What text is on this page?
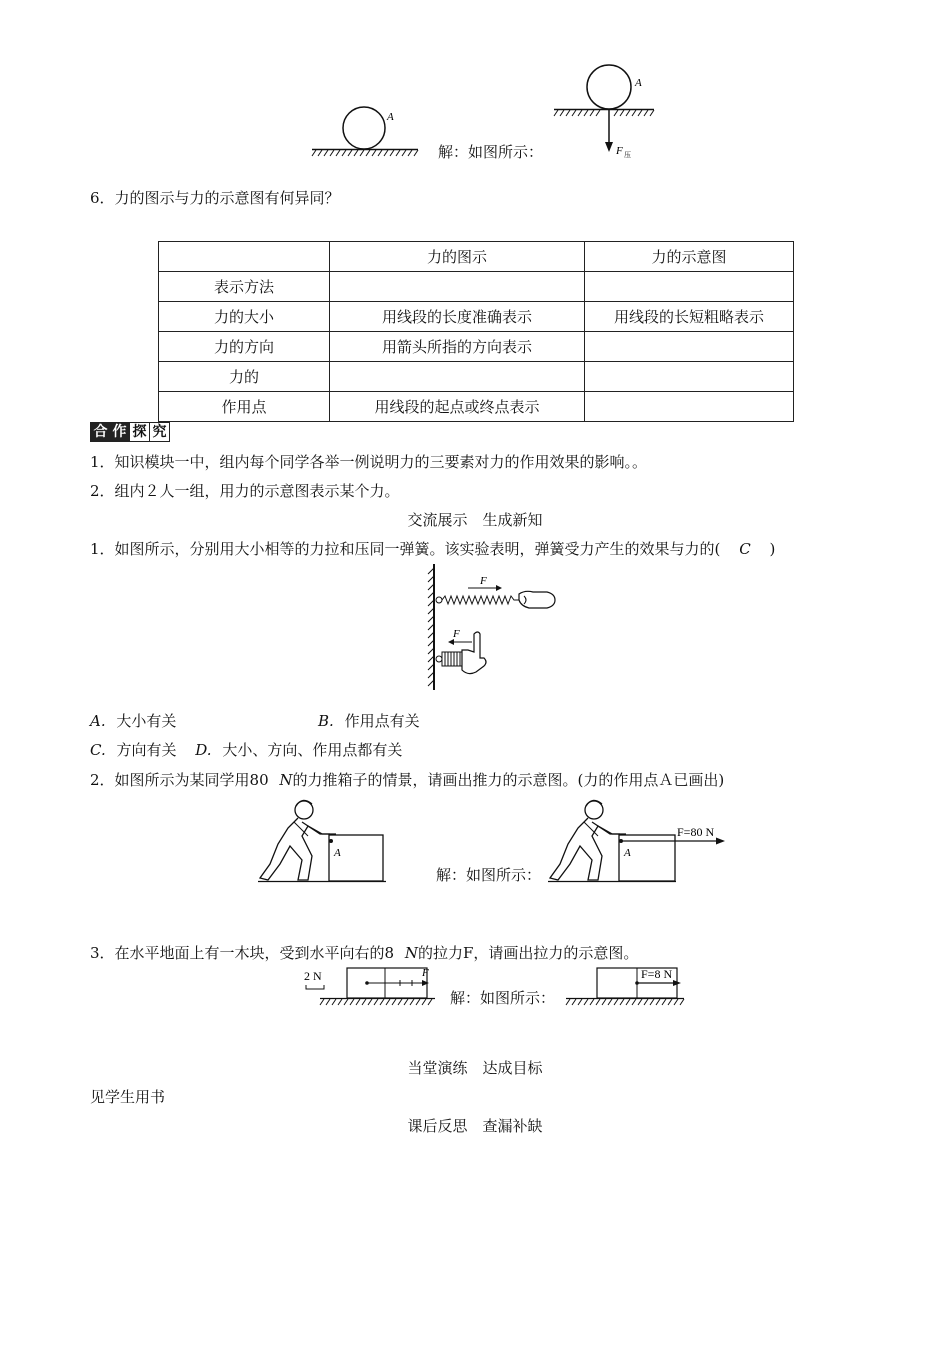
A
解：如图所示：
A
F 压
6．力的图示与力的示意图有何异同？
	力的图示	力的示意图
表示方法		
力的大小	用线段的长度准确表示	用线段的长短粗略表示
力的方向	用箭头所指的方向表示	
力的		
作用点	用线段的起点或终点表示	
合 作 探 究
1．知识模块一中，组内每个同学各举一例说明力的三要素对力的作用效果的影响。。
2．组内２人一组，用力的示意图表示某个力。
交流展示　生成新知
1．如图所示，分别用大小相等的力拉和压同一弹簧。该实验表明，弹簧受力产生的效果与力的( C )
F
F
A. 大小有关	B. 作用点有关
C. 方向有关 D. 大小、方向、作用点都有关
2．如图所示为某同学用80 N的力推箱子的情景，请画出推力的示意图。(力的作用点Ａ已画出)
A
解：如图所示：
F=80 N
A
3．在水平地面上有一木块，受到水平向右的8 N的拉力F，请画出拉力的示意图。
2 N	F
解：如图所示：
F=8 N
当堂演练　达成目标
见学生用书
课后反思　查漏补缺
